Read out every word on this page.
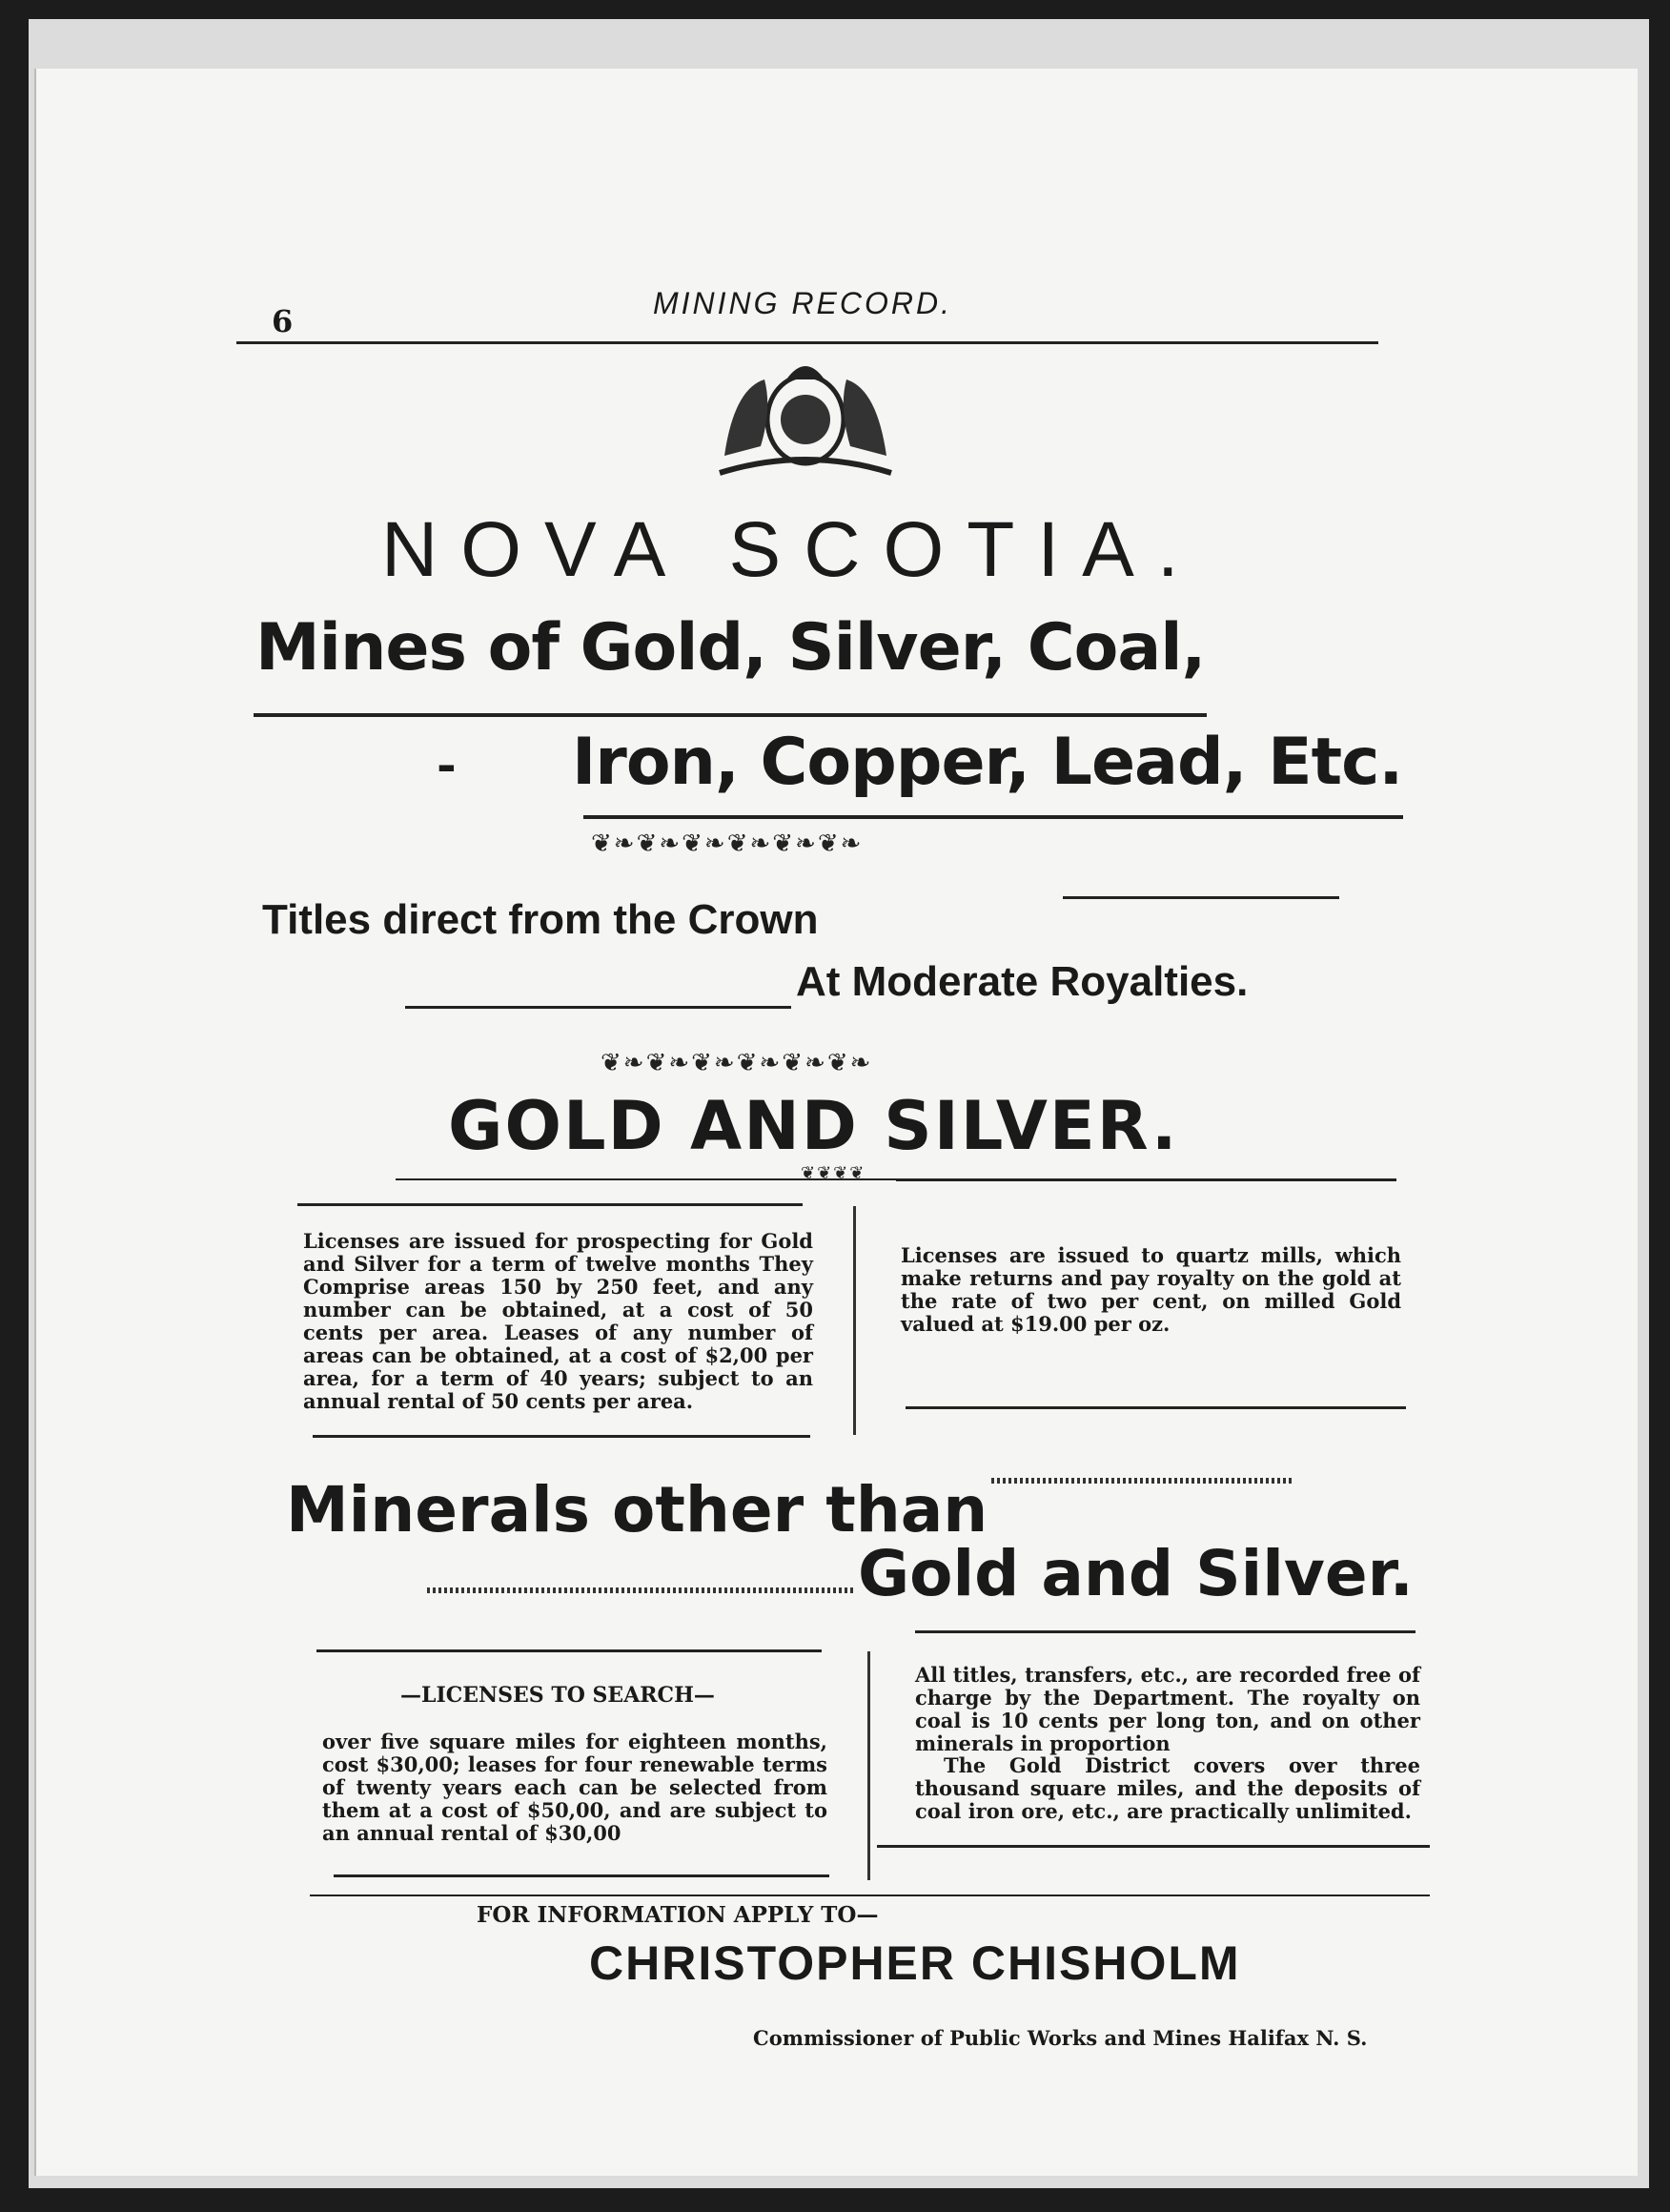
6	MINING RECORD.
NOVA SCOTIA.
Mines of Gold, Silver, Coal,
- Iron, Copper, Lead, Etc.
❦❧❦❧❦❧❦❧❦❧❦❧
Titles direct from the Crown
At Moderate Royalties.
❦❧❦❧❦❧❦❧❦❧❦❧
GOLD AND SILVER.
❦❦❦❦
Licenses are issued for prospecting for Gold and Silver for a term of twelve months They Comprise areas 150 by 250 feet, and any number can be obtained, at a cost of 50 cents per area. Leases of any number of areas can be obtained, at a cost of $2,00 per area, for a term of 40 years; subject to an annual rental of 50 cents per area.
Licenses are issued to quartz mills, which make returns and pay royalty on the gold at the rate of two per cent, on milled Gold valued at $19.00 per oz.
Minerals other than
Gold and Silver.
—LICENSES TO SEARCH—
over five square miles for eighteen months, cost $30,00; leases for four renewable terms of twenty years each can be selected from them at a cost of $50,00, and are subject to an annual rental of $30,00
All titles, transfers, etc., are recorded free of charge by the Department. The royalty on coal is 10 cents per long ton, and on other minerals in proportion
The Gold District covers over three thousand square miles, and the deposits of coal iron ore, etc., are practically unlimited.
FOR INFORMATION APPLY TO—
CHRISTOPHER CHISHOLM
Commissioner of Public Works and Mines Halifax N. S.
